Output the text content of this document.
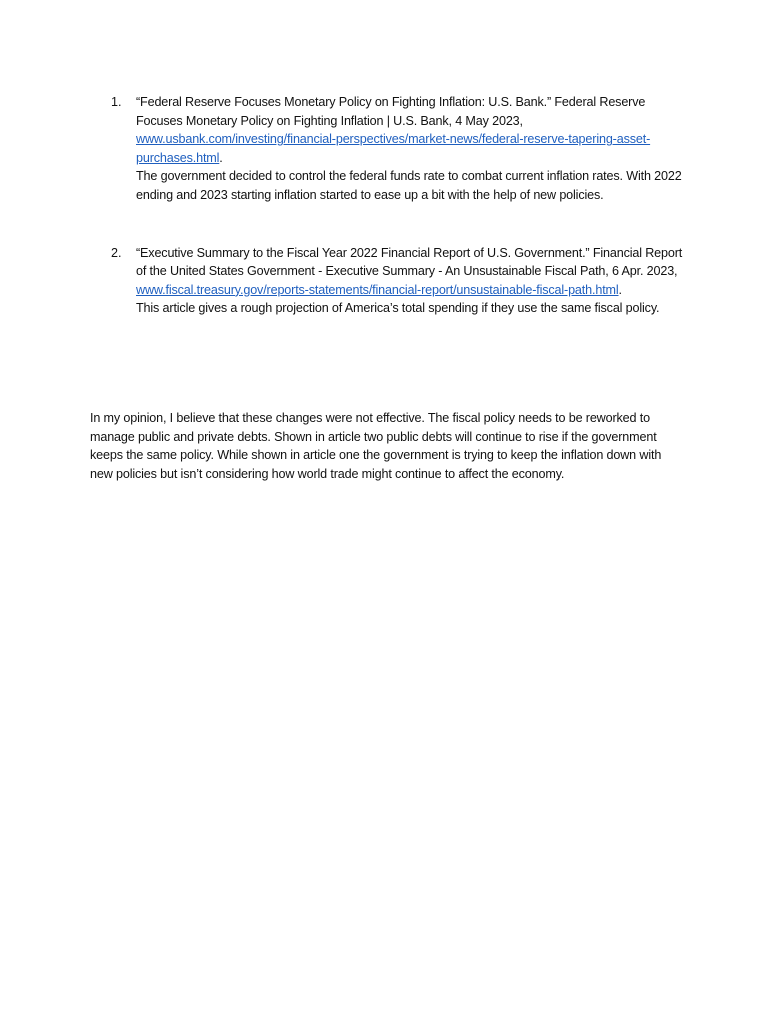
1.	“Federal Reserve Focuses Monetary Policy on Fighting Inflation: U.S. Bank.” Federal Reserve Focuses Monetary Policy on Fighting Inflation | U.S. Bank, 4 May 2023, www.usbank.com/investing/financial-perspectives/market-news/federal-reserve-tapering-asset-purchases.html.
The government decided to control the federal funds rate to combat current inflation rates. With 2022 ending and 2023 starting inflation started to ease up a bit with the help of new policies.
2.	“Executive Summary to the Fiscal Year 2022 Financial Report of U.S. Government.” Financial Report of the United States Government - Executive Summary - An Unsustainable Fiscal Path, 6 Apr. 2023, www.fiscal.treasury.gov/reports-statements/financial-report/unsustainable-fiscal-path.html.
This article gives a rough projection of America’s total spending if they use the same fiscal policy.

In my opinion, I believe that these changes were not effective. The fiscal policy needs to be reworked to manage public and private debts. Shown in article two public debts will continue to rise if the government keeps the same policy. While shown in article one the government is trying to keep the inflation down with new policies but isn’t considering how world trade might continue to affect the economy.
